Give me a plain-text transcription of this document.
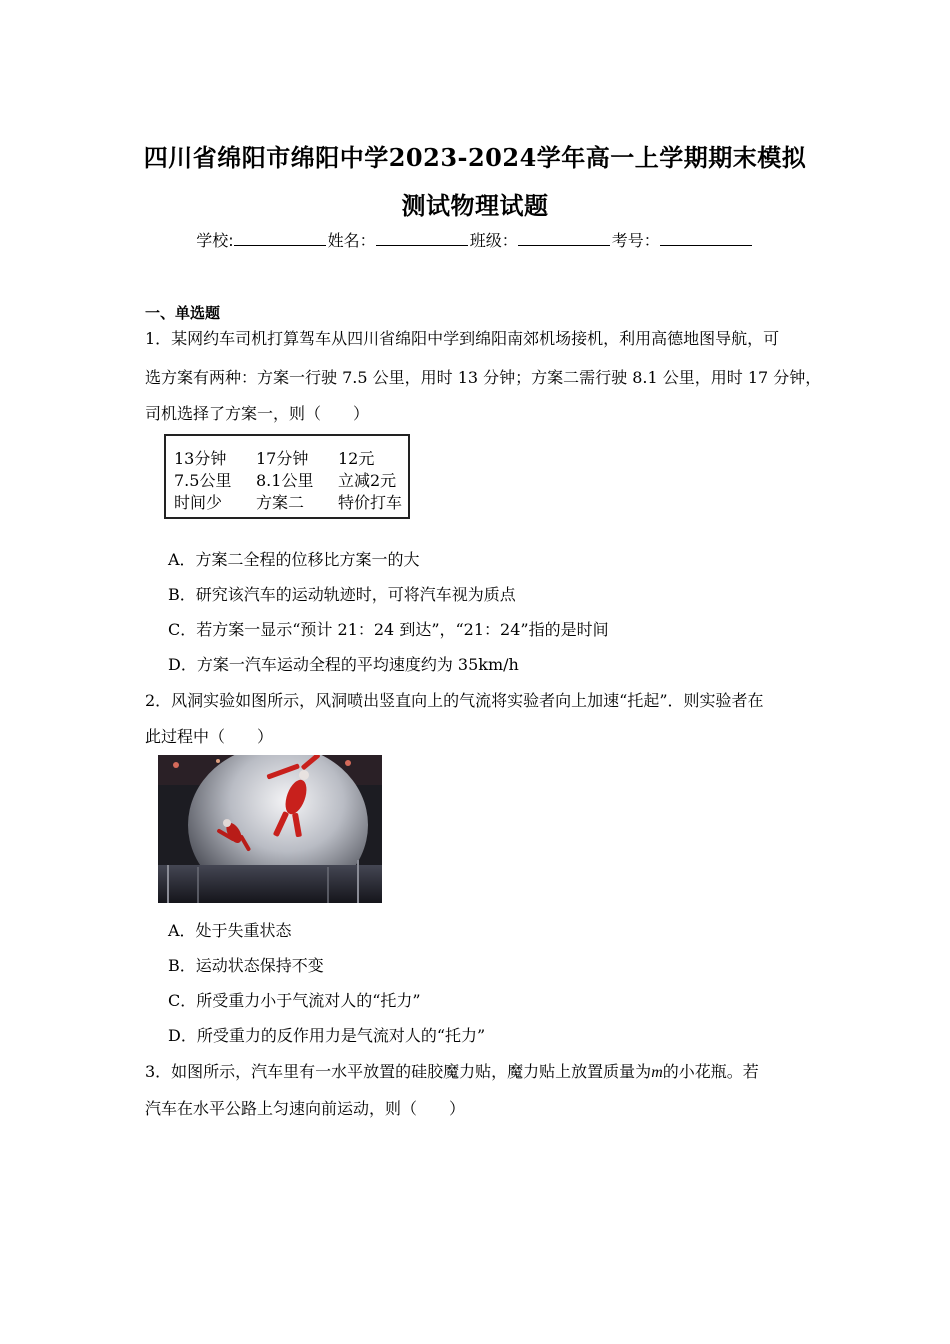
四川省绵阳市绵阳中学2023-2024学年高一上学期期末模拟
测试物理试题
学校:	姓名：	班级：	考号：
一、单选题
1．某网约车司机打算驾车从四川省绵阳中学到绵阳南郊机场接机，利用高德地图导航，可
选方案有两种：方案一行驶 7.5 公里，用时 13 分钟；方案二需行驶 8.1 公里，用时 17 分钟，
司机选择了方案一，则（　　）
13分钟 17分钟 12元
7.5公里 8.1公里 立减2元
时间少 方案二 特价打车
A．方案二全程的位移比方案一的大
B．研究该汽车的运动轨迹时，可将汽车视为质点
C．若方案一显示“预计 21：24 到达”，“21：24”指的是时间
D．方案一汽车运动全程的平均速度约为 35km/h
2．风洞实验如图所示，风洞喷出竖直向上的气流将实验者向上加速“托起”．则实验者在
此过程中（　　）
A．处于失重状态
B．运动状态保持不变
C．所受重力小于气流对人的“托力”
D．所受重力的反作用力是气流对人的“托力”
3．如图所示，汽车里有一水平放置的硅胶魔力贴，魔力贴上放置质量为m的小花瓶。若
汽车在水平公路上匀速向前运动，则（　　）
